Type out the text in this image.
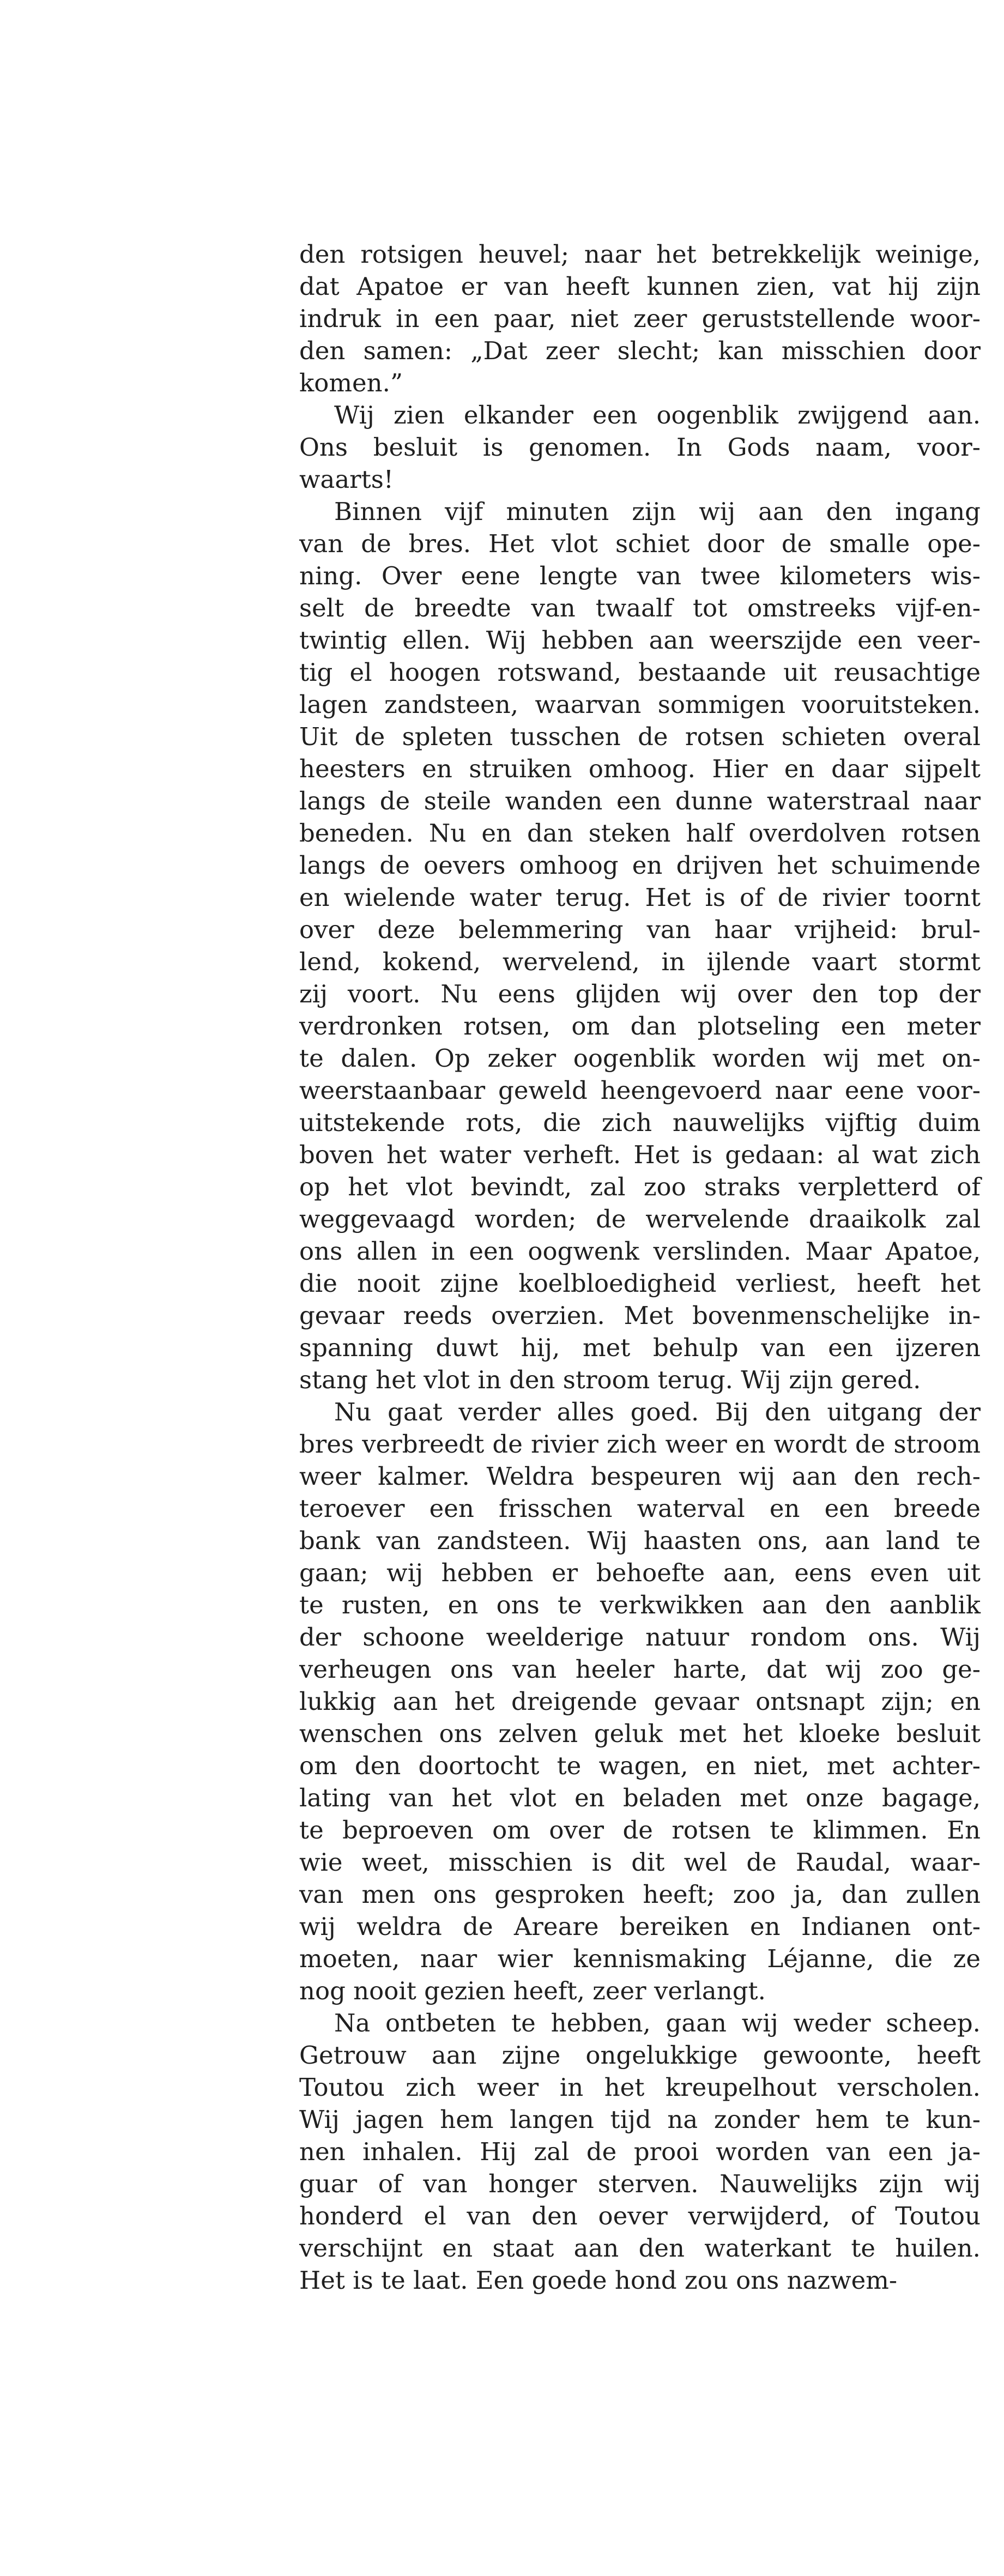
den rotsigen heuvel; naar het betrekkelijk weinige,
dat Apatoe er van heeft kunnen zien, vat hij zijn
indruk in een paar, niet zeer geruststellende woor-
den samen: „Dat zeer slecht; kan misschien door
komen.”
Wij zien elkander een oogenblik zwijgend aan.
Ons besluit is genomen. In Gods naam, voor-
waarts!
Binnen vijf minuten zijn wij aan den ingang
van de bres. Het vlot schiet door de smalle ope-
ning. Over eene lengte van twee kilometers wis-
selt de breedte van twaalf tot omstreeks vijf-en-
twintig ellen. Wij hebben aan weerszijde een veer-
tig el hoogen rotswand, bestaande uit reusachtige
lagen zandsteen, waarvan sommigen vooruitsteken.
Uit de spleten tusschen de rotsen schieten overal
heesters en struiken omhoog. Hier en daar sijpelt
langs de steile wanden een dunne waterstraal naar
beneden. Nu en dan steken half overdolven rotsen
langs de oevers omhoog en drijven het schuimende
en wielende water terug. Het is of de rivier toornt
over deze belemmering van haar vrijheid: brul-
lend, kokend, wervelend, in ijlende vaart stormt
zij voort. Nu eens glijden wij over den top der
verdronken rotsen, om dan plotseling een meter
te dalen. Op zeker oogenblik worden wij met on-
weerstaanbaar geweld heengevoerd naar eene voor-
uitstekende rots, die zich nauwelijks vijftig duim
boven het water verheft. Het is gedaan: al wat zich
op het vlot bevindt, zal zoo straks verpletterd of
weggevaagd worden; de wervelende draaikolk zal
ons allen in een oogwenk verslinden. Maar Apatoe,
die nooit zijne koelbloedigheid verliest, heeft het
gevaar reeds overzien. Met bovenmenschelijke in-
spanning duwt hij, met behulp van een ijzeren
stang het vlot in den stroom terug. Wij zijn gered.
Nu gaat verder alles goed. Bij den uitgang der
bres verbreedt de rivier zich weer en wordt de stroom
weer kalmer. Weldra bespeuren wij aan den rech-
teroever een frisschen waterval en een breede
bank van zandsteen. Wij haasten ons, aan land te
gaan; wij hebben er behoefte aan, eens even uit
te rusten, en ons te verkwikken aan den aanblik
der schoone weelderige natuur rondom ons. Wij
verheugen ons van heeler harte, dat wij zoo ge-
lukkig aan het dreigende gevaar ontsnapt zijn; en
wenschen ons zelven geluk met het kloeke besluit
om den doortocht te wagen, en niet, met achter-
lating van het vlot en beladen met onze bagage,
te beproeven om over de rotsen te klimmen. En
wie weet, misschien is dit wel de Raudal, waar-
van men ons gesproken heeft; zoo ja, dan zullen
wij weldra de Areare bereiken en Indianen ont-
moeten, naar wier kennismaking Léjanne, die ze
nog nooit gezien heeft, zeer verlangt.
Na ontbeten te hebben, gaan wij weder scheep.
Getrouw aan zijne ongelukkige gewoonte, heeft
Toutou zich weer in het kreupelhout verscholen.
Wij jagen hem langen tijd na zonder hem te kun-
nen inhalen. Hij zal de prooi worden van een ja-
guar of van honger sterven. Nauwelijks zijn wij
honderd el van den oever verwijderd, of Toutou
verschijnt en staat aan den waterkant te huilen.
Het is te laat. Een goede hond zou ons nazwem-
